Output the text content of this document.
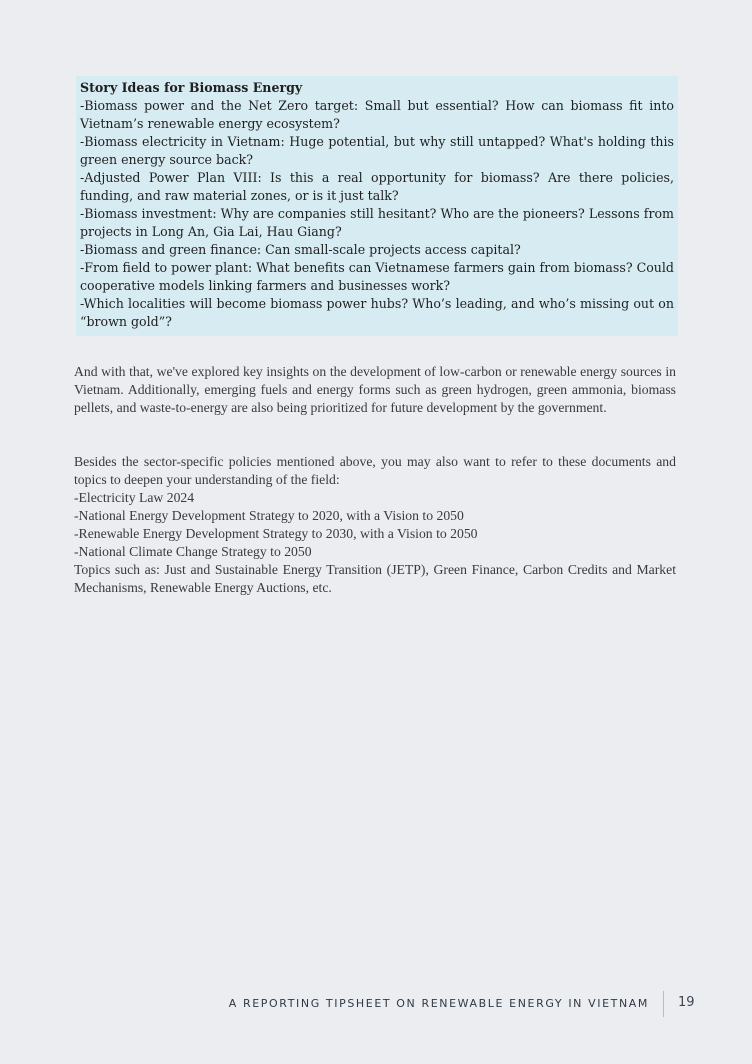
Story Ideas for Biomass Energy

-Biomass power and the Net Zero target: Small but essential? How can biomass fit into Vietnam’s renewable energy ecosystem?

-Biomass electricity in Vietnam: Huge potential, but why still untapped? What's holding this green energy source back?

-Adjusted Power Plan VIII: Is this a real opportunity for biomass? Are there policies, funding, and raw material zones, or is it just talk?

-Biomass investment: Why are companies still hesitant? Who are the pioneers? Lessons from projects in Long An, Gia Lai, Hau Giang?

-Biomass and green finance: Can small-scale projects access capital?

-From field to power plant: What benefits can Vietnamese farmers gain from biomass? Could cooperative models linking farmers and businesses work?

-Which localities will become biomass power hubs? Who’s leading, and who’s missing out on “brown gold”?

And with that, we've explored key insights on the development of low-carbon or renewable energy sources in Vietnam. Additionally, emerging fuels and energy forms such as green hydrogen, green ammonia, biomass pellets, and waste-to-energy are also being prioritized for future development by the government.

Besides the sector-specific policies mentioned above, you may also want to refer to these documents and topics to deepen your understanding of the field:

-Electricity Law 2024

-National Energy Development Strategy to 2020, with a Vision to 2050

-Renewable Energy Development Strategy to 2030, with a Vision to 2050

-National Climate Change Strategy to 2050

Topics such as: Just and Sustainable Energy Transition (JETP), Green Finance, Carbon Credits and Market Mechanisms, Renewable Energy Auctions, etc.

A REPORTING TIPSHEET ON RENEWABLE ENERGY IN VIETNAM 19
